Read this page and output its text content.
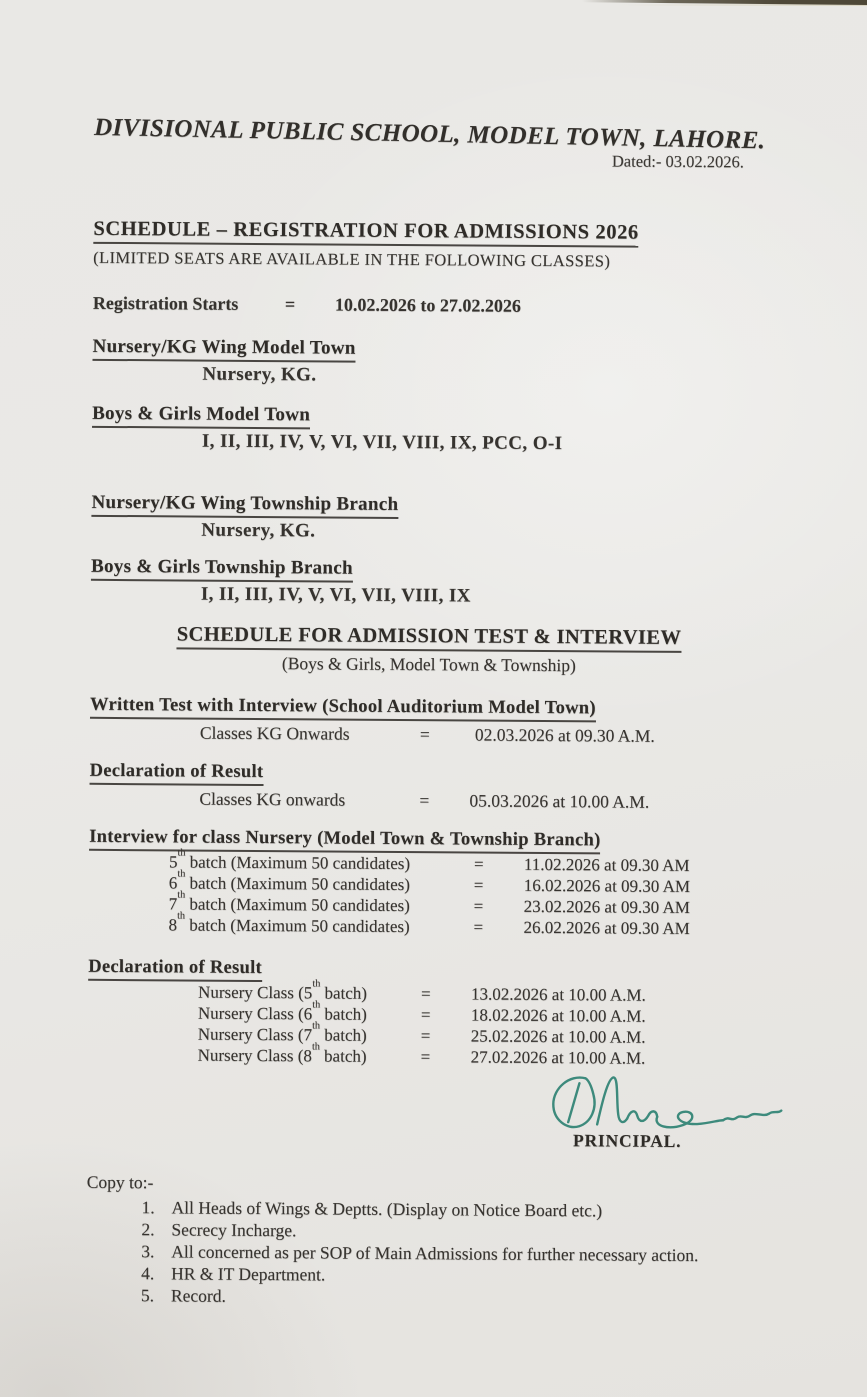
DIVISIONAL PUBLIC SCHOOL, MODEL TOWN, LAHORE.
Dated:- 03.02.2026.
SCHEDULE – REGISTRATION FOR ADMISSIONS 2026
(LIMITED SEATS ARE AVAILABLE IN THE FOLLOWING CLASSES)
Registration Starts	= 10.02.2026 to 27.02.2026
Nursery/KG Wing Model Town
Nursery, KG.
Boys & Girls Model Town
I, II, III, IV, V, VI, VII, VIII, IX, PCC, O-I
Nursery/KG Wing Township Branch
Nursery, KG.
Boys & Girls Township Branch
I, II, III, IV, V, VI, VII, VIII, IX
SCHEDULE FOR ADMISSION TEST & INTERVIEW
(Boys & Girls, Model Town & Township)
Written Test with Interview (School Auditorium Model Town)
Classes KG Onwards	=	02.03.2026 at 09.30 A.M.
Declaration of Result
Classes KG onwards	= 05.03.2026 at 10.00 A.M.
Interview for class Nursery (Model Town & Township Branch)
5th batch (Maximum 50 candidates)	= 11.02.2026 at 09.30 AM
6th batch (Maximum 50 candidates)	= 16.02.2026 at 09.30 AM
7th batch (Maximum 50 candidates)	= 23.02.2026 at 09.30 AM
8th batch (Maximum 50 candidates)	= 26.02.2026 at 09.30 AM
Declaration of Result
Nursery Class (5th batch)	= 13.02.2026 at 10.00 A.M.
Nursery Class (6th batch)	= 18.02.2026 at 10.00 A.M.
Nursery Class (7th batch)	= 25.02.2026 at 10.00 A.M.
Nursery Class (8th batch)	= 27.02.2026 at 10.00 A.M.
PRINCIPAL.
Copy to:-
1. All Heads of Wings & Deptts. (Display on Notice Board etc.)
2. Secrecy Incharge.
3. All concerned as per SOP of Main Admissions for further necessary action.
4. HR & IT Department.
5. Record.
